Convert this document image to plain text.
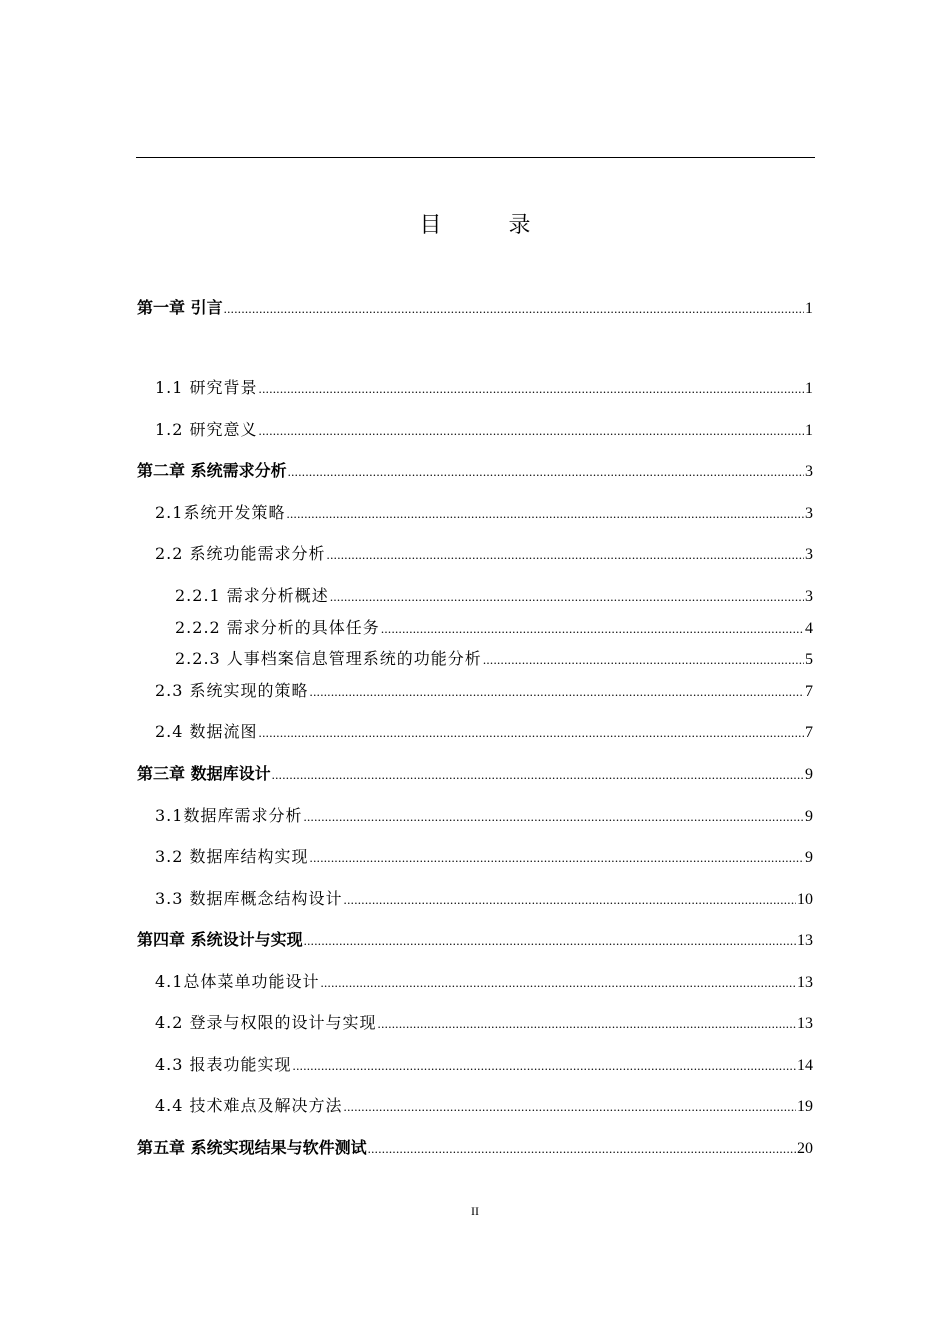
目 录
第一章 引言 .....	1
1.1 研究背景 .....	1
1.2 研究意义 .....	1
第二章 系统需求分析 .....	3
2.1系统开发策略 .....	3
2.2 系统功能需求分析 .....	3
2.2.1 需求分析概述 .....	3
2.2.2 需求分析的具体任务 .....	4
2.2.3 人事档案信息管理系统的功能分析 .....	5
2.3 系统实现的策略 .....	7
2.4 数据流图 .....	7
第三章 数据库设计 .....	9
3.1数据库需求分析 .....	9
3.2 数据库结构实现 .....	9
3.3 数据库概念结构设计 .....	10
第四章 系统设计与实现 .....	13
4.1总体菜单功能设计 .....	13
4.2 登录与权限的设计与实现 .....	13
4.3 报表功能实现 .....	14
4.4 技术难点及解决方法 .....	19
第五章 系统实现结果与软件测试 .....	20
II
